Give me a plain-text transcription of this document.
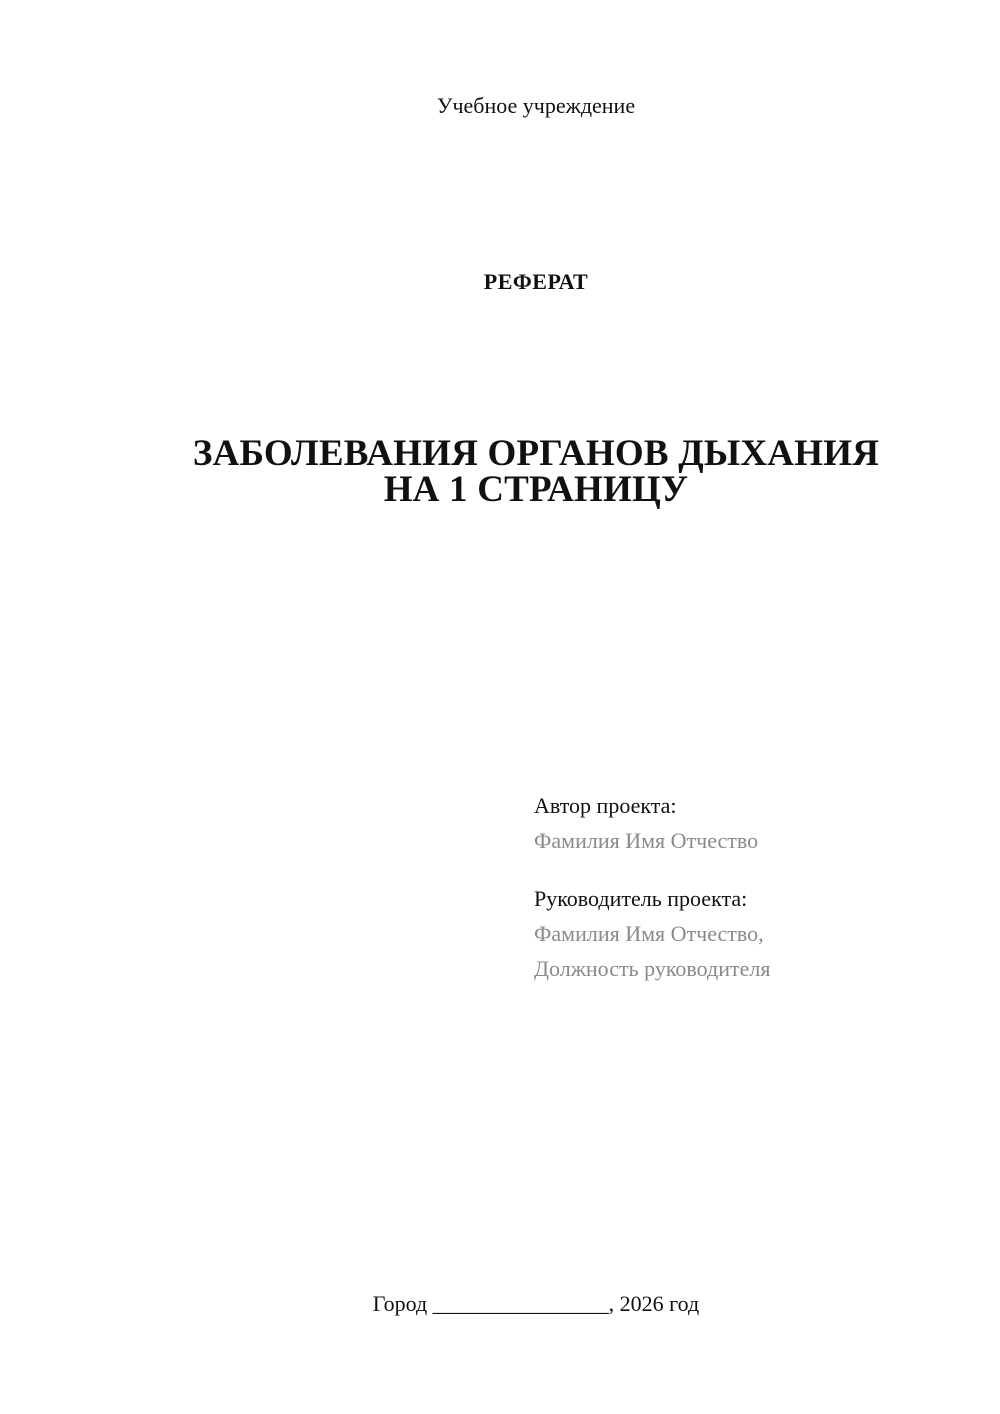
Учебное учреждение
РЕФЕРАТ
ЗАБОЛЕВАНИЯ ОРГАНОВ ДЫХАНИЯ
НА 1 СТРАНИЦУ
Автор проекта:
Фамилия Имя Отчество
Руководитель проекта:
Фамилия Имя Отчество,
Должность руководителя
Город ________________, 2026 год
